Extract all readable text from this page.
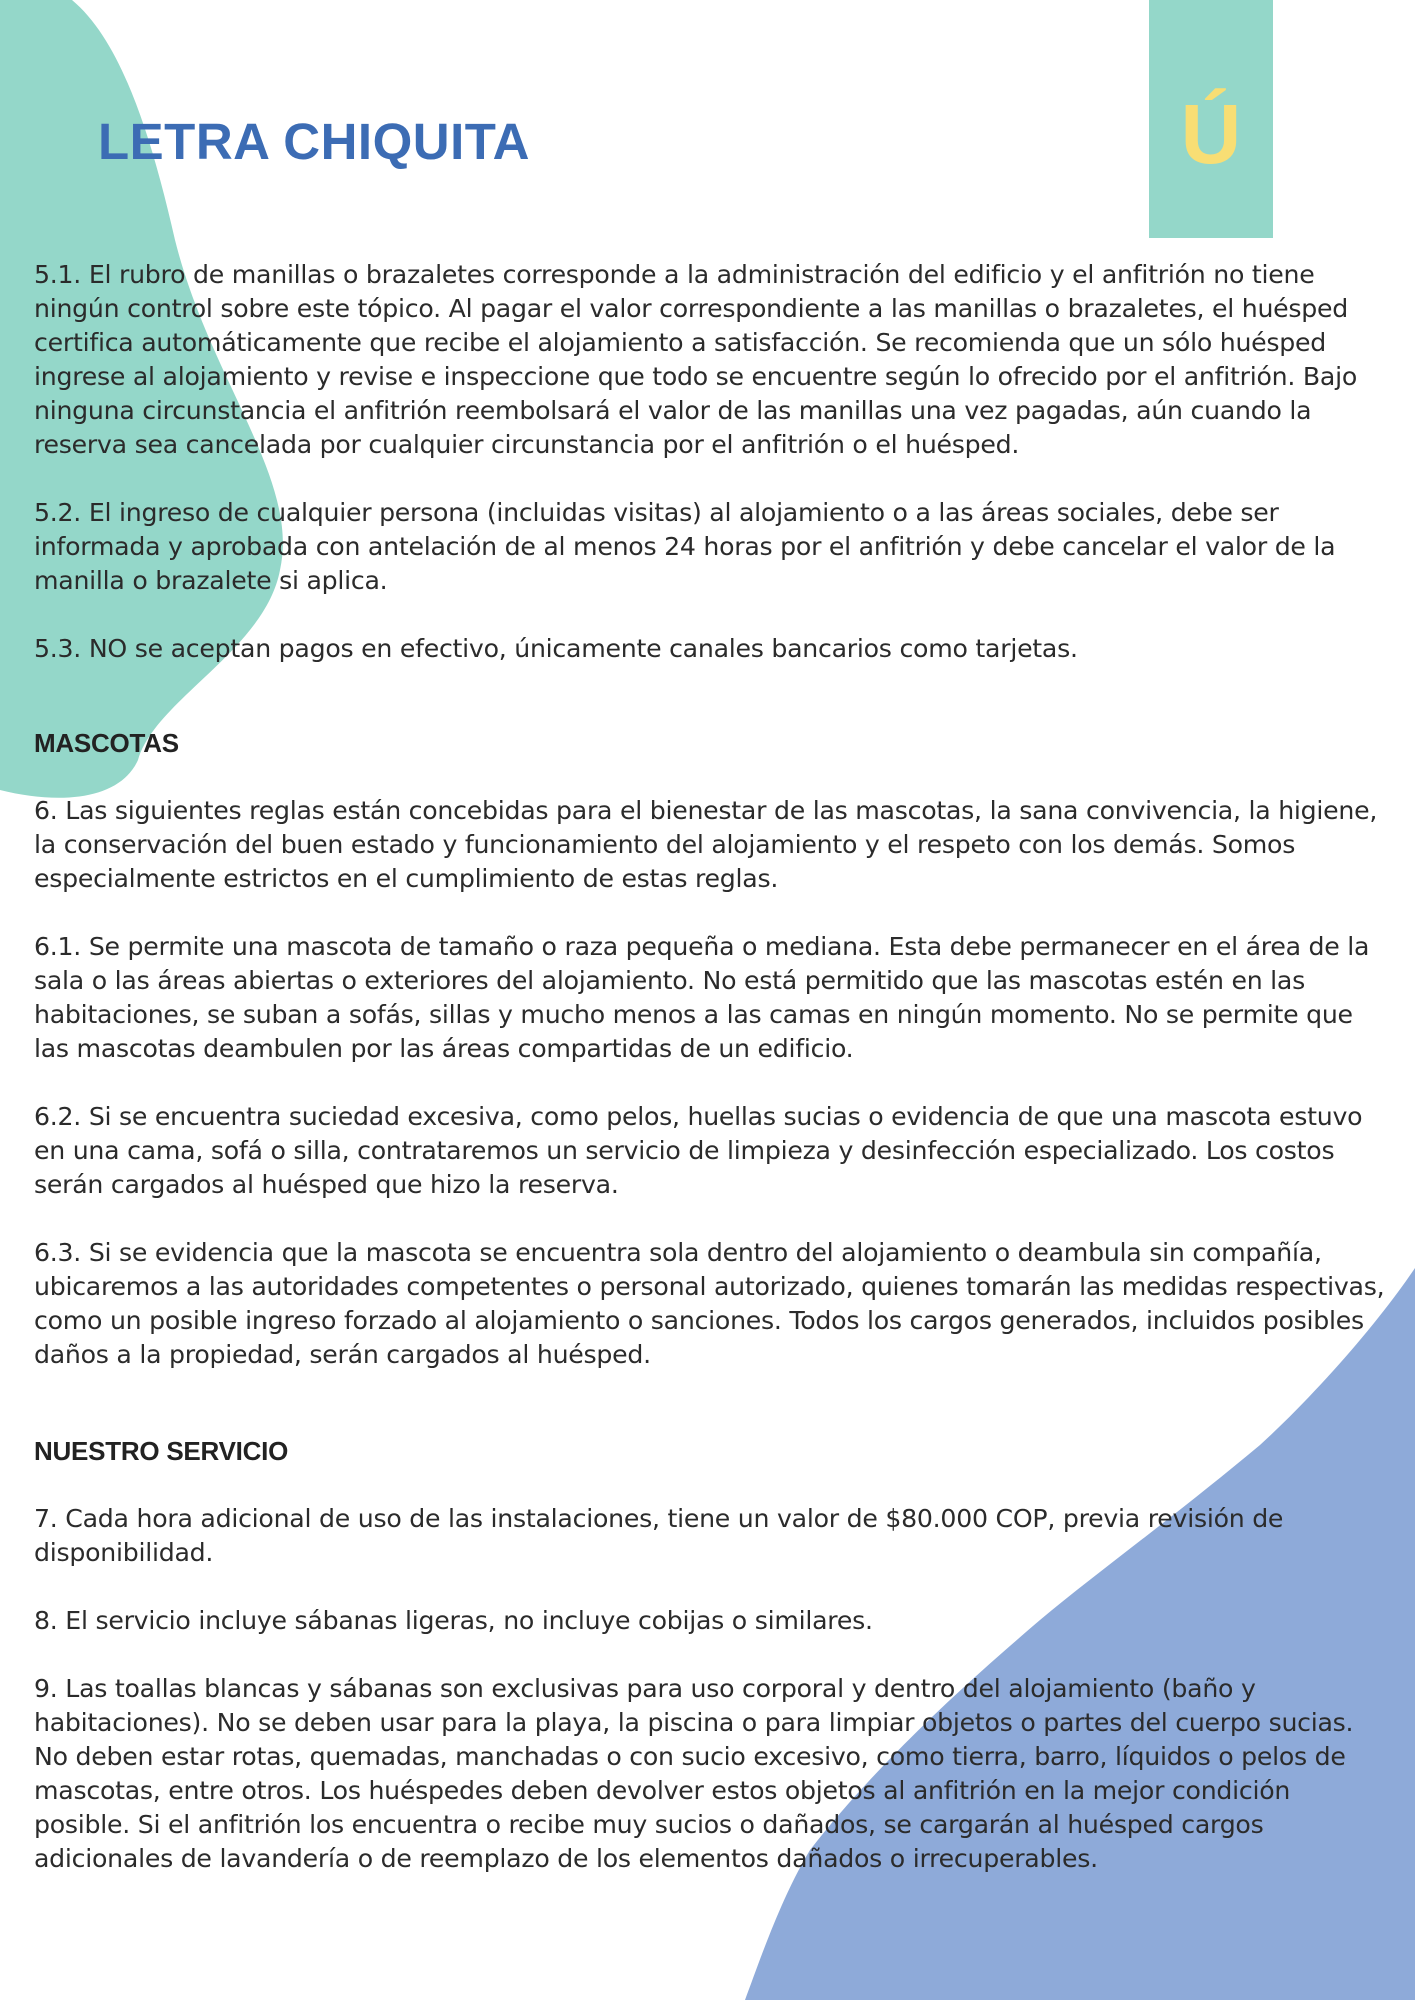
LETRA CHIQUITA	Ú

5.1. El rubro de manillas o brazaletes corresponde a la administración del edificio y el anfitrión no tiene ningún control sobre este tópico. Al pagar el valor correspondiente a las manillas o brazaletes, el huésped certifica automáticamente que recibe el alojamiento a satisfacción. Se recomienda que un sólo huésped ingrese al alojamiento y revise e inspeccione que todo se encuentre según lo ofrecido por el anfitrión. Bajo ninguna circunstancia el anfitrión reembolsará el valor de las manillas una vez pagadas, aún cuando la reserva sea cancelada por cualquier circunstancia por el anfitrión o el huésped.

5.2. El ingreso de cualquier persona (incluidas visitas) al alojamiento o a las áreas sociales, debe ser informada y aprobada con antelación de al menos 24 horas por el anfitrión y debe cancelar el valor de la manilla o brazalete si aplica.

5.3. NO se aceptan pagos en efectivo, únicamente canales bancarios como tarjetas.

MASCOTAS

6. Las siguientes reglas están concebidas para el bienestar de las mascotas, la sana convivencia, la higiene, la conservación del buen estado y funcionamiento del alojamiento y el respeto con los demás. Somos especialmente estrictos en el cumplimiento de estas reglas.

6.1. Se permite una mascota de tamaño o raza pequeña o mediana. Esta debe permanecer en el área de la sala o las áreas abiertas o exteriores del alojamiento. No está permitido que las mascotas estén en las habitaciones, se suban a sofás, sillas y mucho menos a las camas en ningún momento. No se permite que las mascotas deambulen por las áreas compartidas de un edificio.

6.2. Si se encuentra suciedad excesiva, como pelos, huellas sucias o evidencia de que una mascota estuvo en una cama, sofá o silla, contrataremos un servicio de limpieza y desinfección especializado. Los costos serán cargados al huésped que hizo la reserva.

6.3. Si se evidencia que la mascota se encuentra sola dentro del alojamiento o deambula sin compañía, ubicaremos a las autoridades competentes o personal autorizado, quienes tomarán las medidas respectivas, como un posible ingreso forzado al alojamiento o sanciones. Todos los cargos generados, incluidos posibles daños a la propiedad, serán cargados al huésped.

NUESTRO SERVICIO

7. Cada hora adicional de uso de las instalaciones, tiene un valor de $80.000 COP, previa revisión de disponibilidad.

8. El servicio incluye sábanas ligeras, no incluye cobijas o similares.

9. Las toallas blancas y sábanas son exclusivas para uso corporal y dentro del alojamiento (baño y habitaciones). No se deben usar para la playa, la piscina o para limpiar objetos o partes del cuerpo sucias. No deben estar rotas, quemadas, manchadas o con sucio excesivo, como tierra, barro, líquidos o pelos de mascotas, entre otros. Los huéspedes deben devolver estos objetos al anfitrión en la mejor condición posible. Si el anfitrión los encuentra o recibe muy sucios o dañados, se cargarán al huésped cargos adicionales de lavandería o de reemplazo de los elementos dañados o irrecuperables.
